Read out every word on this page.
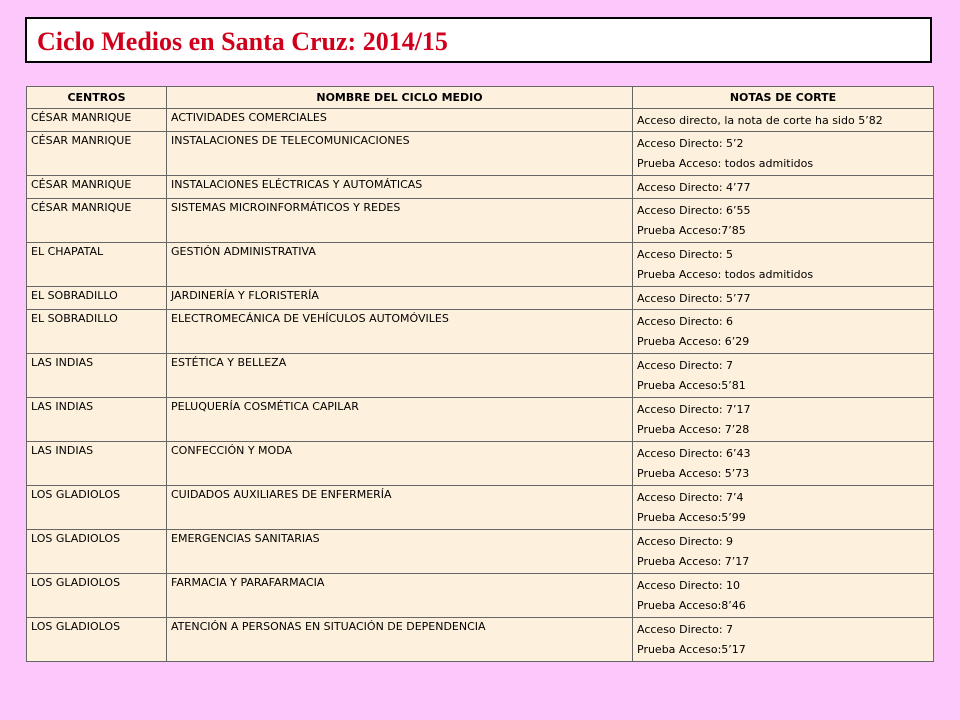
Ciclo Medios en Santa Cruz: 2014/15
CENTROS	NOMBRE DEL CICLO MEDIO	NOTAS DE CORTE
CÉSAR MANRIQUE	ACTIVIDADES COMERCIALES	Acceso directo, la nota de corte ha sido 5’82

CÉSAR MANRIQUE	INSTALACIONES DE TELECOMUNICACIONES	Acceso Directo: 5’2
Prueba Acceso: todos admitidos

CÉSAR MANRIQUE	INSTALACIONES ELÉCTRICAS Y AUTOMÁTICAS	Acceso Directo: 4’77

CÉSAR MANRIQUE	SISTEMAS MICROINFORMÁTICOS Y REDES	Acceso Directo: 6’55
Prueba Acceso:7’85

EL CHAPATAL	GESTIÓN ADMINISTRATIVA	Acceso Directo: 5
Prueba Acceso: todos admitidos

EL SOBRADILLO	JARDINERÍA Y FLORISTERÍA	Acceso Directo: 5’77

EL SOBRADILLO	ELECTROMECÁNICA DE VEHÍCULOS AUTOMÓVILES	Acceso Directo: 6
Prueba Acceso: 6’29

LAS INDIAS	ESTÉTICA Y BELLEZA	Acceso Directo: 7
Prueba Acceso:5’81

LAS INDIAS	PELUQUERÍA COSMÉTICA CAPILAR	Acceso Directo: 7’17
Prueba Acceso: 7’28

LAS INDIAS	CONFECCIÓN Y MODA	Acceso Directo: 6’43
Prueba Acceso: 5’73

LOS GLADIOLOS	CUIDADOS AUXILIARES DE ENFERMERÍA	Acceso Directo: 7’4
Prueba Acceso:5’99

LOS GLADIOLOS	EMERGENCIAS SANITARIAS	Acceso Directo: 9
Prueba Acceso: 7’17

LOS GLADIOLOS	FARMACIA Y PARAFARMACIA	Acceso Directo: 10
Prueba Acceso:8’46

LOS GLADIOLOS	ATENCIÓN A PERSONAS EN SITUACIÓN DE DEPENDENCIA	Acceso Directo: 7
Prueba Acceso:5’17
